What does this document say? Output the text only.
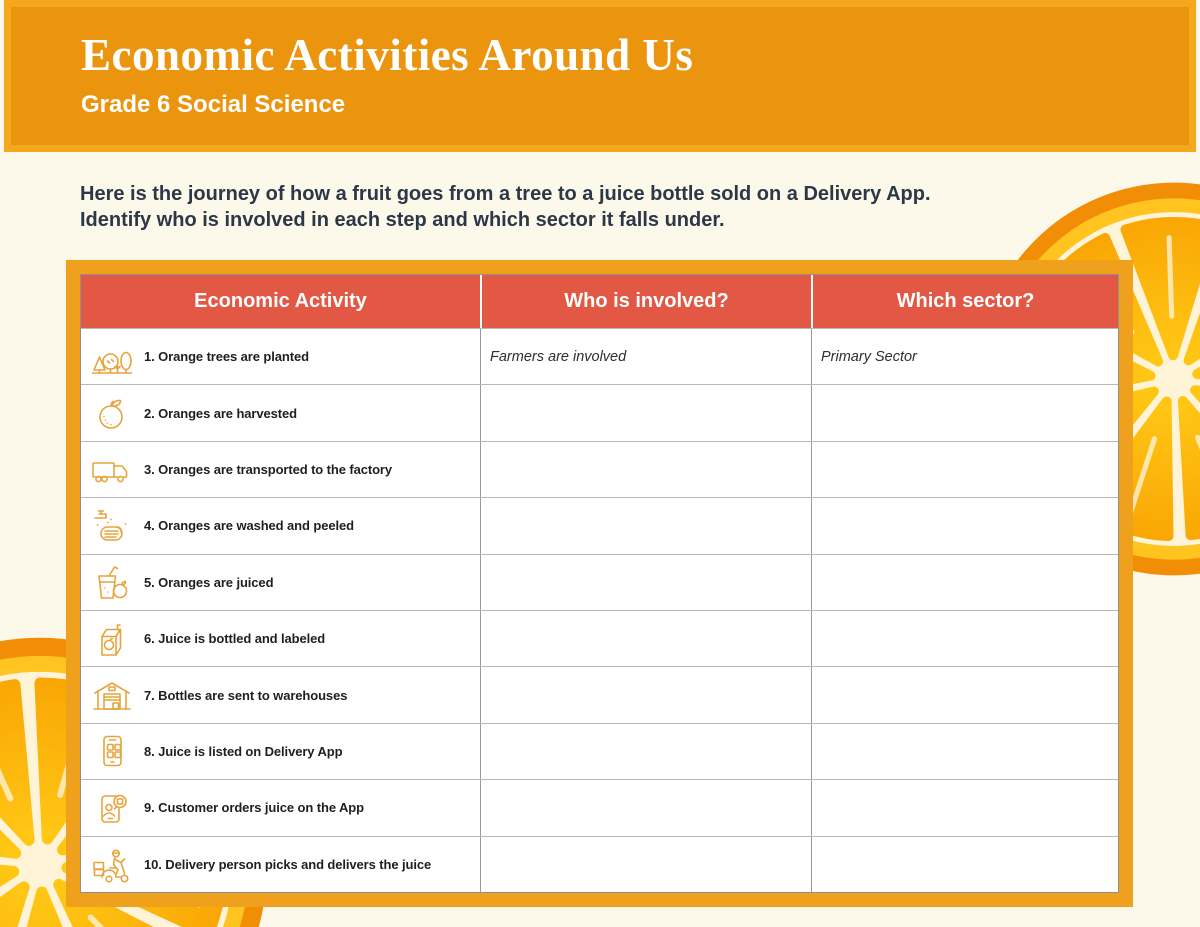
Economic Activities Around Us
Grade 6 Social Science

Here is the journey of how a fruit goes from a tree to a juice bottle sold on a Delivery App.
Identify who is involved in each step and which sector it falls under.

Economic Activity	Who is involved?	Which sector?
1. Orange trees are planted	Farmers are involved	Primary Sector
2. Oranges are harvested
3. Oranges are transported to the factory
4. Oranges are washed and peeled
5. Oranges are juiced
6. Juice is bottled and labeled
7. Bottles are sent to warehouses
8. Juice is listed on Delivery App
9. Customer orders juice on the App
10. Delivery person picks and delivers the juice
